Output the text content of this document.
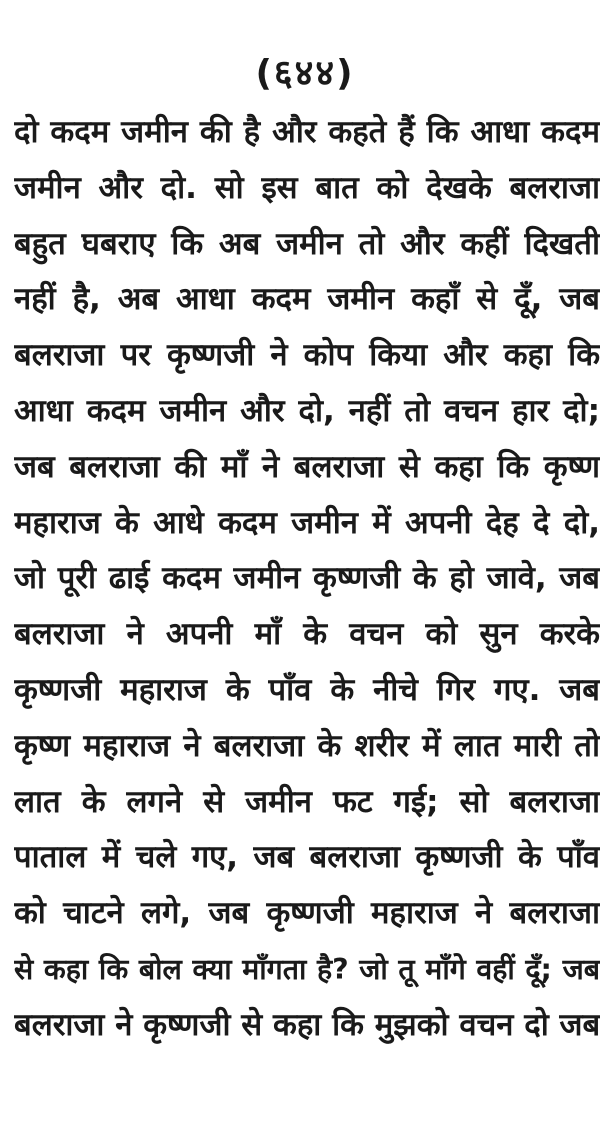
(६४४)
दो कदम जमीन की है और कहते हैं कि आधा कदम
जमीन और दो. सो इस बात को देखके बलराजा
बहुत घबराए कि अब जमीन तो और कहीं दिखती
नहीं है, अब आधा कदम जमीन कहाँ से दूँ, जब
बलराजा पर कृष्णजी ने कोप किया और कहा कि
आधा कदम जमीन और दो, नहीं तो वचन हार दो;
जब बलराजा की माँ ने बलराजा से कहा कि कृष्ण
महाराज के आधे कदम जमीन में अपनी देह दे दो,
जो पूरी ढाई कदम जमीन कृष्णजी के हो जावे, जब
बलराजा ने अपनी माँ के वचन को सुन करके
कृष्णजी महाराज के पाँव के नीचे गिर गए. जब
कृष्ण महाराज ने बलराजा के शरीर में लात मारी तो
लात के लगने से जमीन फट गई; सो बलराजा
पाताल में चले गए, जब बलराजा कृष्णजी के पाँव
को चाटने लगे, जब कृष्णजी महाराज ने बलराजा
से कहा कि बोल क्या माँगता है? जो तू माँगे वहीं दूँ; जब
बलराजा ने कृष्णजी से कहा कि मुझको वचन दो जब
